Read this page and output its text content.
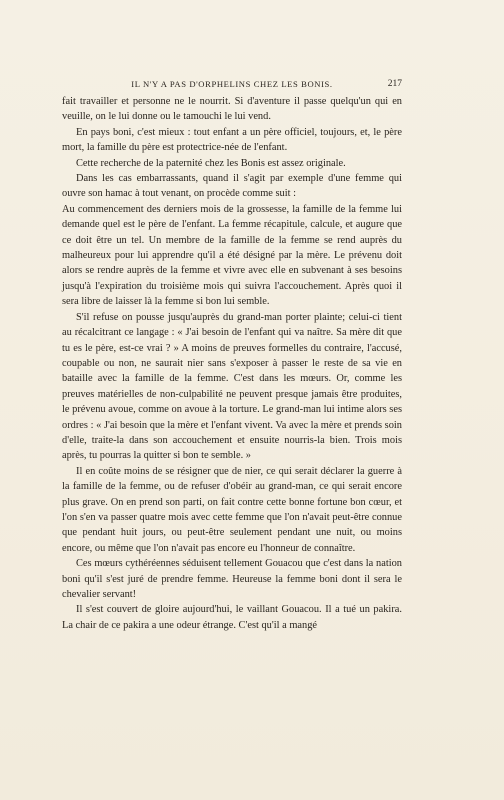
IL N'Y A PAS D'ORPHELINS CHEZ LES BONIS.	217

fait travailler et personne ne le nourrit. Si d'aventure il passe quelqu'un qui en veuille, on le lui donne ou le tamouchi le lui vend.

En pays boni, c'est mieux : tout enfant a un père officiel, toujours, et, le père mort, la famille du père est protectrice-née de l'enfant.

Cette recherche de la paternité chez les Bonis est assez originale.

Dans les cas embarrassants, quand il s'agit par exemple d'une femme qui ouvre son hamac à tout venant, on procède comme suit :

Au commencement des derniers mois de la grossesse, la famille de la femme lui demande quel est le père de l'enfant. La femme récapitule, calcule, et augure que ce doit être un tel. Un membre de la famille de la femme se rend auprès du malheureux pour lui apprendre qu'il a été désigné par la mère. Le prévenu doit alors se rendre auprès de la femme et vivre avec elle en subvenant à ses besoins jusqu'à l'expiration du troisième mois qui suivra l'accouchement. Après quoi il sera libre de laisser là la femme si bon lui semble.

S'il refuse on pousse jusqu'auprès du grand-man porter plainte; celui-ci tient au récalcitrant ce langage : « J'ai besoin de l'enfant qui va naître. Sa mère dit que tu es le père, est-ce vrai ? » A moins de preuves formelles du contraire, l'accusé, coupable ou non, ne saurait nier sans s'exposer à passer le reste de sa vie en bataille avec la famille de la femme. C'est dans les mœurs. Or, comme les preuves matérielles de non-culpabilité ne peuvent presque jamais être produites, le prévenu avoue, comme on avoue à la torture. Le grand-man lui intime alors ses ordres : « J'ai besoin que la mère et l'enfant vivent. Va avec la mère et prends soin d'elle, traite-la dans son accouchement et ensuite nourris-la bien. Trois mois après, tu pourras la quitter si bon te semble. »

Il en coûte moins de se résigner que de nier, ce qui serait déclarer la guerre à la famille de la femme, ou de refuser d'obéir au grand-man, ce qui serait encore plus grave. On en prend son parti, on fait contre cette bonne fortune bon cœur, et l'on s'en va passer quatre mois avec cette femme que l'on n'avait peut-être connue que pendant huit jours, ou peut-être seulement pendant une nuit, ou moins encore, ou même que l'on n'avait pas encore eu l'honneur de connaître.

Ces mœurs cythéréennes séduisent tellement Gouacou que c'est dans la nation boni qu'il s'est juré de prendre femme. Heureuse la femme boni dont il sera le chevalier servant!

Il s'est couvert de gloire aujourd'hui, le vaillant Gouacou. Il a tué un pakira. La chair de ce pakira a une odeur étrange. C'est qu'il a mangé
